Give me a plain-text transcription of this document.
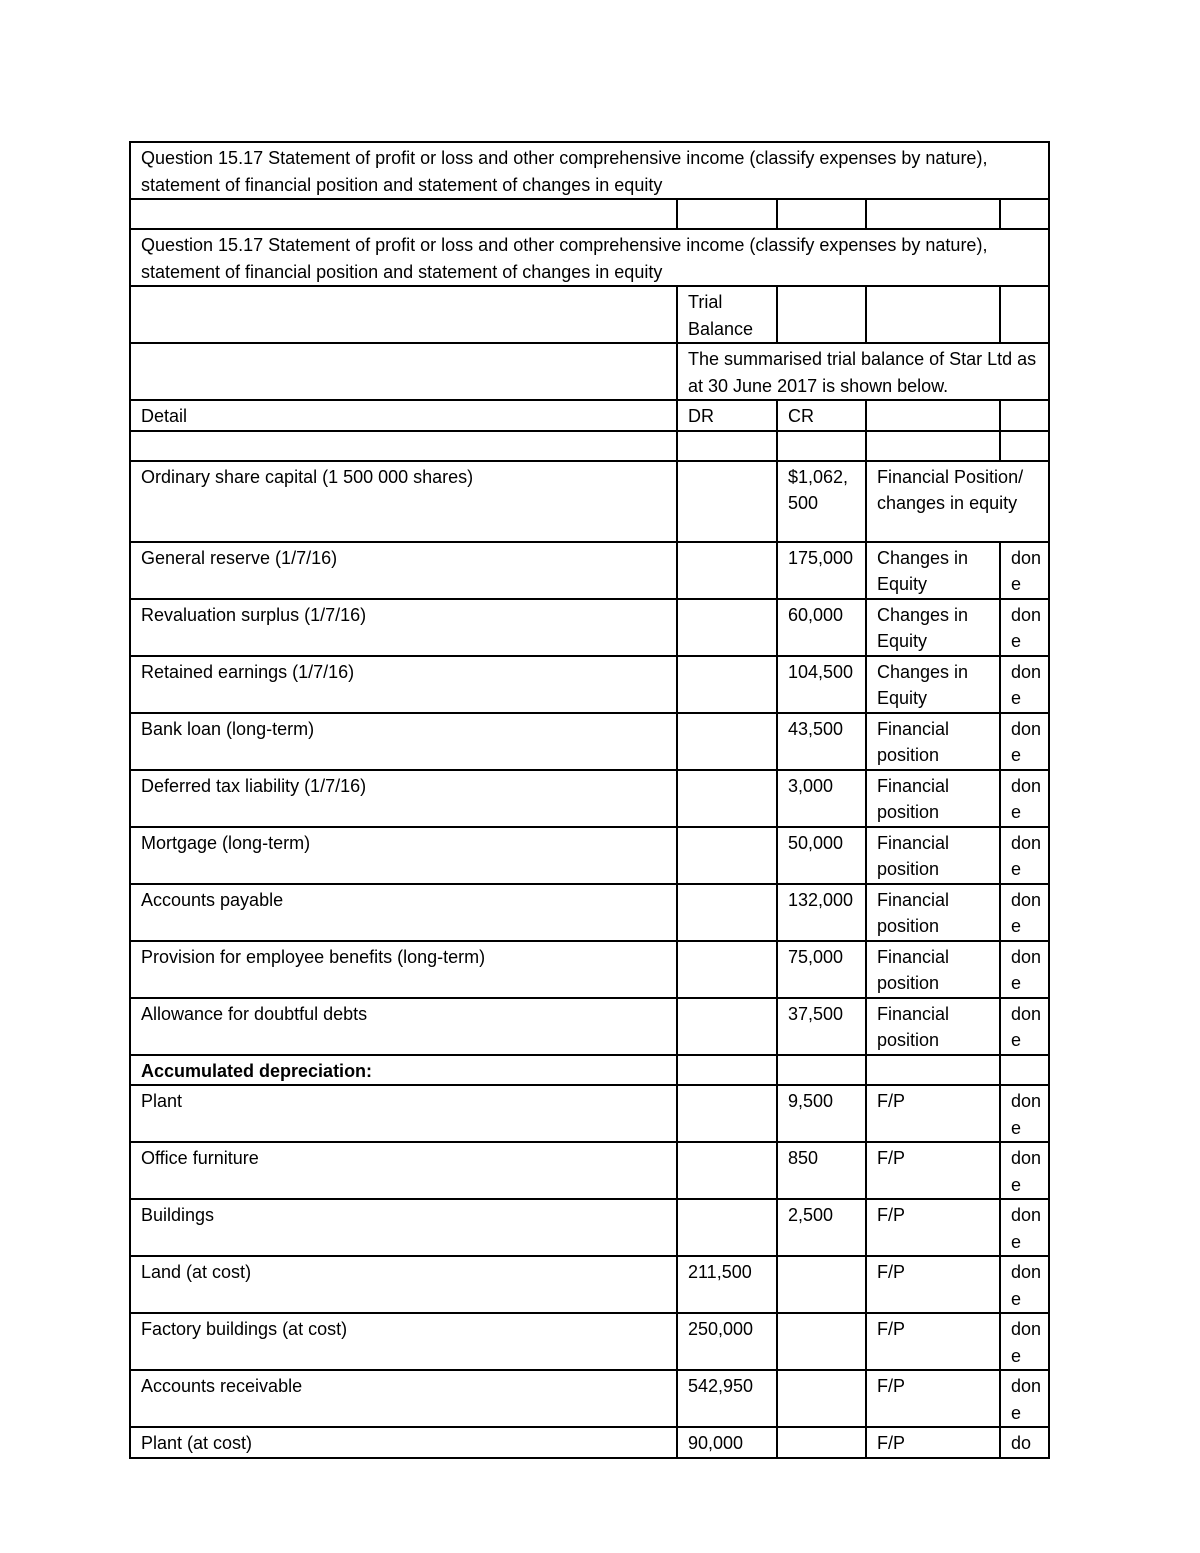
Question 15.17 Statement of profit or loss and other comprehensive income (classify expenses by nature), statement of financial position and statement of changes in equity				

Question 15.17 Statement of profit or loss and other comprehensive income (classify expenses by nature), statement of financial position and statement of changes in equity				
	Trial Balance			
	The summarised trial balance of Star Ltd as at 30 June 2017 is shown below.			
Detail	DR	CR		

Ordinary share capital (1 500 000 shares)		$1,062,500	Financial Position/ changes in equity	
General reserve (1/7/16)		175,000	Changes in Equity	done
Revaluation surplus (1/7/16)		60,000	Changes in Equity	done
Retained earnings (1/7/16)		104,500	Changes in Equity	done
Bank loan (long-term)		43,500	Financial position	done
Deferred tax liability (1/7/16)		3,000	Financial position	done
Mortgage (long-term)		50,000	Financial position	done
Accounts payable		132,000	Financial position	done
Provision for employee benefits (long-term)		75,000	Financial position	done
Allowance for doubtful debts		37,500	Financial position	done
Accumulated depreciation:				
Plant		9,500	F/P	done
Office furniture		850	F/P	done
Buildings		2,500	F/P	done
Land (at cost)	211,500		F/P	done
Factory buildings (at cost)	250,000		F/P	done
Accounts receivable	542,950		F/P	done
Plant (at cost)	90,000		F/P	do
